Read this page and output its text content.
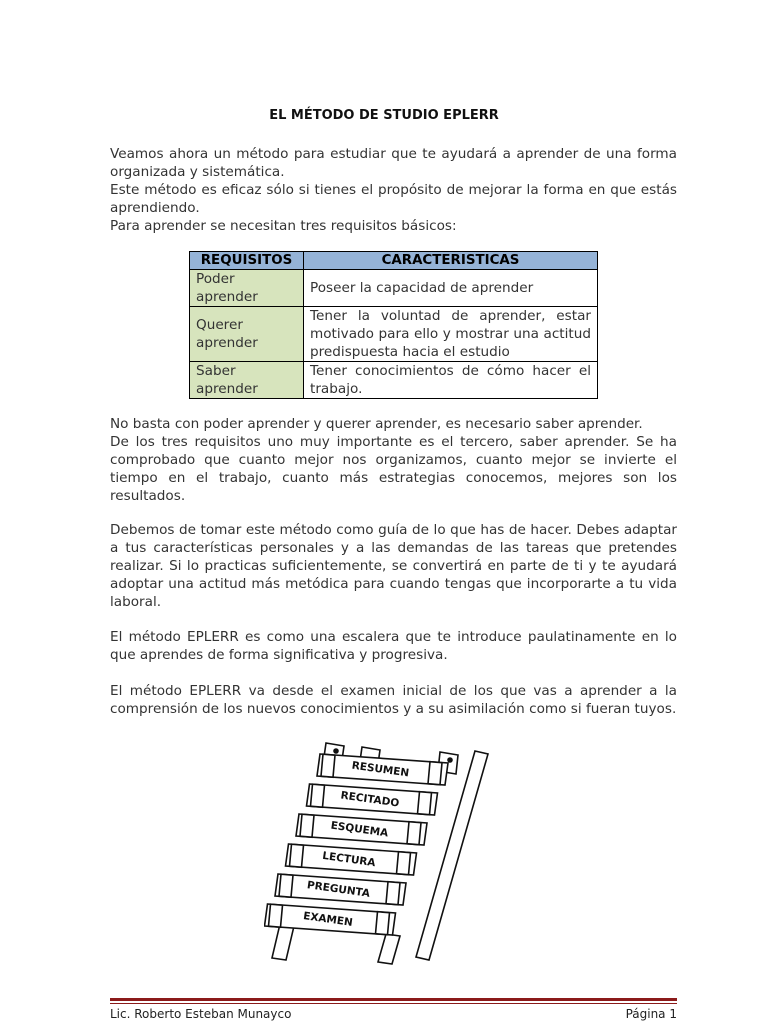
EL MÉTODO DE STUDIO EPLERR

Veamos ahora un método para estudiar que te ayudará a aprender de una forma organizada y sistemática.

Este método es eficaz sólo si tienes el propósito de mejorar la forma en que estás aprendiendo.

Para aprender se necesitan tres requisitos básicos:

REQUISITOS	CARACTERISTICAS
Poder aprender	Poseer la capacidad de aprender
Querer aprender	Tener la voluntad de aprender, estar motivado para ello y mostrar una actitud predispuesta hacia el estudio
Saber aprender	Tener conocimientos de cómo hacer el trabajo.

No basta con poder aprender y querer aprender, es necesario saber aprender.

De los tres requisitos uno muy importante es el tercero, saber aprender. Se ha comprobado que cuanto mejor nos organizamos, cuanto mejor se invierte el tiempo en el trabajo, cuanto más estrategias conocemos, mejores son los resultados.

Debemos de tomar este método como guía de lo que has de hacer. Debes adaptar a tus características personales y a las demandas de las tareas que pretendes realizar. Si lo practicas suficientemente, se convertirá en parte de ti y te ayudará adoptar una actitud más metódica para cuando tengas que incorporarte a tu vida laboral.

El método EPLERR es como una escalera que te introduce paulatinamente en lo que aprendes de forma significativa y progresiva.

El método EPLERR va desde el examen inicial de los que vas a aprender a la comprensión de los nuevos conocimientos y a su asimilación como si fueran tuyos.

RESUMEN
RECITADO
ESQUEMA
LECTURA
PREGUNTA
EXAMEN
Lic. Roberto Esteban Munayco	Página 1
